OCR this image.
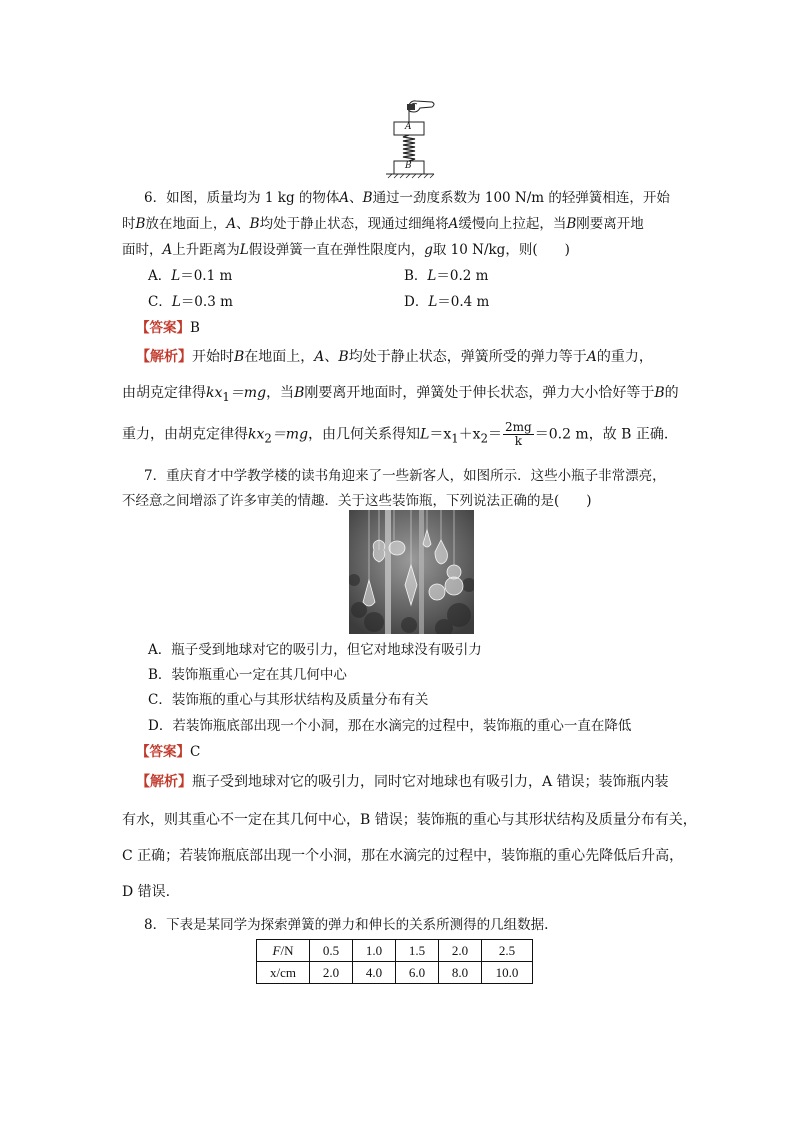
A
B
6．如图，质量均为 1 kg 的物体A、B通过一劲度系数为 100 N/m 的轻弹簧相连，开始
时B放在地面上，A、B均处于静止状态，现通过细绳将A缓慢向上拉起，当B刚要离开地
面时，A上升距离为L假设弹簧一直在弹性限度内，g取 10 N/kg，则(　　)
A．L＝0.1 m	B．L＝0.2 m
C．L＝0.3 m	D．L＝0.4 m
【答案】B
【解析】开始时B在地面上，A、B均处于静止状态，弹簧所受的弹力等于A的重力，
由胡克定律得$kx_1=mg$，当B刚要离开地面时，弹簧处于伸长状态，弹力大小恰好等于B的
重力，由胡克定律得$kx_2=mg$，由几何关系得知$L=x_1+x_2= \frac{2mg}{k} =0.2$ m，故 B 正确.
7．重庆育才中学教学楼的读书角迎来了一些新客人，如图所示．这些小瓶子非常漂亮，
不经意之间增添了许多审美的情趣．关于这些装饰瓶，下列说法正确的是(　　)
A．瓶子受到地球对它的吸引力，但它对地球没有吸引力
B．装饰瓶重心一定在其几何中心
C．装饰瓶的重心与其形状结构及质量分布有关
D．若装饰瓶底部出现一个小洞，那在水滴完的过程中，装饰瓶的重心一直在降低
【答案】C
【解析】瓶子受到地球对它的吸引力，同时它对地球也有吸引力，A 错误；装饰瓶内装
有水，则其重心不一定在其几何中心，B 错误；装饰瓶的重心与其形状结构及质量分布有关，
C 正确；若装饰瓶底部出现一个小洞，那在水滴完的过程中，装饰瓶的重心先降低后升高，
D 错误.
8．下表是某同学为探索弹簧的弹力和伸长的关系所测得的几组数据.
F/N	0.5	1.0	1.5	2.0	2.5
x/cm	2.0	4.0	6.0	8.0	10.0
